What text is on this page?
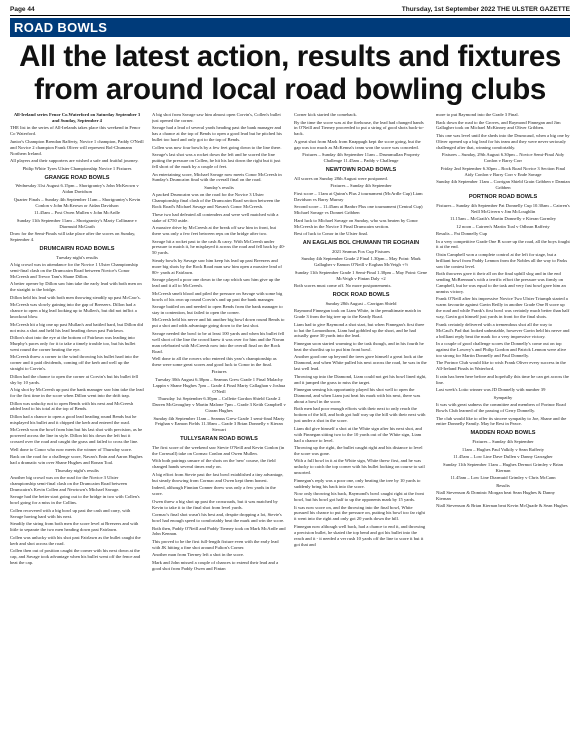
Page 44	Thursday, 1st September 2022 THE ULSTER GAZETTE
ROAD BOWLS
All the latest action, results and fixtures from around local road bowling clubs

All-Ireland series Fenor Co.Waterford on Saturday September 3 and Sunday, September 4

THE list in the series of All-Irelands takes place this weekend in Fenor Co Waterford.

Junior's Champion Brendan Rafferty, Novice 1 champion, Paddy O'Neill and Novice 2 champion Frank Oliver will represent Bol-Chumann Northern Ireland.

All players and their supporters are wished a safe and fruitful journey.

Philip White Tyres Ulster Championship Novice 1 Fixtures

GRANGE ROAD BOWLS

Wednesday 31st August 6.15pm – Shortgrantry's John McKeown v Aidan Davidson

Quarter Finals – Sunday 4th September 11am – Shortgrantry's Kevin Conlon v John McKeown or Aidan Davidson

11.45am – Post Owen Mullen v John McArdle

Sunday 11th September 11am – Shortgrantry's Marty Collinane v Diarmuid McGrath

Draw for the Semi-Finals will take place after the scores on Sunday, September 4.

DRUMCAIRN ROAD BOWLS

Tuesday night's results

A big crowd was in attendance for the Novice 1 Ulster Championship semi-final clash on the Drumcairn Road between Novice's Conor McCreesh and Trevor Tam's Shane Dillon.

A better opener by Dillon saw him take the early lead with both men on the straight to the bridge.

Dillon held his lead with both men throwing steadily up past McCaw's.

McCreesh was slowly gaining into the gap of Breezers. Dillon had a chance to open a big lead looking up to Mullen's, but did not inflict a knockout blow.

McCreesh hit a big one up past Mullan's and battled hard, but Dillon did not miss a shot and held his lead heading down past Fairlawn.

Dillon's shot into the eye at the bottom of Fairlawn was leading into Murphy's paces only for it to take a timely trouble too, but his bullet went round the corner beating the eye.

McCreesh threw a corner to the wind throwing his bullet hard into the corner and it paid dividends, coming off the kerb and well up the straight to Corvin's.

Dillon had the chance to open the corner at Corvin's but his bullet fell shy by 10 yards.

A big shot by McCreesh up past the bank manager saw him take the lead for the first time in the score when Dillon went into the drift trap.

Dillon was unlucky not to open Bends with his next and McCreesh added lead to his total at the top of Bends.

Dillon had a chance to open a good lead heading round Bends but he misplayed his bullet and it chipped the kerb and entered the road.

McCreesh won the bowl from him but his last shot with precision, as he powered across the line in style. Dillon hit his down the left but it crossed over the road and caught the grass and failed to cross the line.

Well done to Conor who now meets the winner of Thursday score.

Back on the road for a challenge score, Navan's Enin and Aaron Hughes had a dramatic win over Shane Hughes and Ronan Toal.

Thursday night's results

Another big crowd was on the road for the Novice 3 Ulster championship semi-final clash on the Drumcairn Road between Drumcairn's Kevin Collen and Newtown's Michael Savage.

Savage had the better start going out to the bridge in two with Collen's bowl going for a miss in the Collins.

Collen recovered with a big bowl up past the cash and carry, with Savage having hard with his next.

Steadily the string from both men the score level at Breezers and with little to separate the two men heading down past Fairlawn.

Collen was unlucky with his shot past Fairlawn as the bullet caught the kerb and shot across the road.

Collen then out of position caught the corner with his next down at the cap, and Savage took advantage when his bullet went off the fence and beat the cap.

A big shot from Savage saw him almost open Corvin's, Collen's bullet just opened the corner.

Savage had a lead of several yards heading past the bank manager and has a chance at the top of Bends to open a good lead but he pitched his bullet too hard and only got to the top of Bends.

Collen was now four bowls by a few feet going down to the line there.

Savage's last shot was a rocket down the left and he scored the line putting the pressure on Collen, he hit his last down the right but it just fell short of the mark by a couple of feet.

An entertaining score, Michael Savage now meets Conor McCreesh in Sunday's Drumcairn final with the overall final on the road.

Sunday's results

A packed Drumcairn was on the road for the Novice 3 Ulster Championship final clash of the Drumcairn Road section between the Rock Road's Michael Savage and Navan's Conor McCreesh.

These two had defeated all contenders and were well matched with a stake of £750 aside.

A massive drive by McCreesh at the break off saw him in front, but there was only a few feet between reps on the bridge after two.

Savage hit a rocket past to the cash & carry. With McCreesh under pressure to match it, he misplayed it across the road and fell back by 40-50 yards.

Steady bowls by Savage saw him keep his lead up past Breezers and more big shots by the Rock Road man saw him open a massive lead of 80+ yards at Fairlawn.

Savage played a poor one down to the cap which saw him give up the lead and it all to McCreesh.

McCreesh smelt blood and piled the pressure on Savage with some big bowls of his own up round Corvin's and up past the bank manager.

Savage battled on and needed to open Bends from the bank manager to stay in contention, but failed to open the corner.

McCreesh held his nerve and hit another big bowl down round Bends to put a shot and odds advantage going down to the last shot.

Savage needed the bowl to be at least 100 yards and when his bullet fell well short of the line the crowd knew it was over for him and the Navan man celebrated with McCreesh now into the overall final on the Rock Road.

Well done to all the rowers who entered this year's championship as these were some great scores and good luck to Conor in the final.

Fixtures

Tuesday 30th August 6.30pm – Seamus Grew Grade 1 Final Malachy Lappin v Shane Hughes 7pm – Grade 4 Final Marty Callaghan v Joshua O'Neill

Thursday 1st September 6.30pm – Collette Gordon Shield Grade 2 Darren McGeoughey v Martin Malone 7pm – Grade 3 Keith Campbell v Ciaran Hughes

Sunday 4th September 11am – Seamus Grew Grade 1 semi-final Marty Feighan v Eamon Fields 11.30am – Grade 3 Brian Donnelly v Kieran Stewart

TULLYSARAN ROAD BOWLS

The first score of the weekend saw Stevie O'Neill and Kevin Conlon (in the Cornwall) take on Cormac Conlon and Owen Mullen.

With both pairings unsure of the shots on the 'new' course, the field changed hands several times early on.

A big effort from Stevie past the fast bowl established a tiny advantage, but steady throwing from Cormac and Owen kept them honest.

Indeed, although Finnian Conner threw was only a few yards in the score.

Owen threw a big shot up past the crossroads, but it was matched by Kevin to take it to the final shot from level yards.

Cormac's final shot wasn't his best and, despite dropping a lot, Stevie's bowl had enough speed to comfortably beat the mark and win the score.

Both then, Paddy O'Neill and Paddy Tierney took on Mark McArdle and John Kennan.

This proved to be the first full-length fixture even with the early lead with JK hitting a fine shot around Fulton's Corner.

Another man from Tierney left a shot in the score.

Mark and John missed a couple of chances to extend their lead and a good shot from Paddy Owen and Fintan

Corner kick started the comeback.

By the time the score was at the firehouse, the lead had changed hands in O'Neill and Tierney proceeded to put a string of good shots back-to-back.

A great shot from Mark from Knappagh kept the score going, but the gap was too much as McKenna's team won the score was conceded.

Fixtures – Sunday 4th September 11am – Drummullan Property Challenge 11.45am – Paddy v Challenge

NEWTOWN ROAD BOWLS

All scores on Sunday 28th August were postponed.

Fixtures – Sunday 4th September

First score – 11am at Quinn's Plus 2 tournament (McArdle Cup) Liam Davidson vs Barry Murray

Second score – 11.45am at Banbrr Plus one tournament (Central Cup) Michael Savage vs Donnet Gribben

Hard luck to Michael Savage on Sunday, who was beaten by Conor McCreesh in the Novice 3 Final Drumcairn section.

Best of luck to Conor in the Ulster final.

AN EAGLAIS BOL CHUMANN TIR EOGHAIN

2021 Seamus Fox Cup Fixtures

Sunday 4th September Grade 2 Final 1.30pm – May Point: Mark Gallagher v Eamon O'Neill v Eoghan McVeigh +½

Sunday 11th September Grade 1 Semi-Final 1.30pm – May Point: Gene McVeigh v Fintan Daly +2

Both scores must come off. No more postponements.

ROCK ROAD BOWLS

Sunday 28th August – Carrigan Shield

Raymond Finnegan took on Liam White, in the penultimate match in Grade 3 from the big tree up to the Keady Road.

Liam had to give Raymond a shot start, but when Finnegan's first three to hat the Lomonthorn, Liam had gobbled up the short, and he had actually gone 30 yards into the lead.

Finnegan soon started warming to the task though, and in his fourth he beat the shortlist up to put him front bowl.

Another good one up beyond the trees gave himself a great look at the Diamond, and when White pulled his next across the road, he was in the last well lead.

Throwing up into the Diamond, Liam could not get his bowl lined right, and it jumped the grass to miss the target.

Finnegan sensing his opportunity played his shot well to open the Diamond, and when Liam just beat his mark with his next, there was about a bowl in the score.

Both men had poor enough efforts with their next to only reach the bottom of the hill, and both got half way up the hill with their next with just under a shot in the score.

Liam did give himself a shot at the White sign after his next shot, and with Finnegan sitting two to the 10 yards out of the White sign, Liam had a chance to level.

Throwing up the right, the bullet caught right and his distance to level the score was gone.

With a full bowl in it at the White sign, White threw first, and he was unlucky to catch the top corner with his bullet looking on course to sail unsorted.

Finnegan's reply was a poor one, only beating the tree by 10 yards to suddenly bring his back into the score.

Now only throwing his back, Raymond's bowl caught right at the front bowl, but his bowl got half to up the opponents mark by 15 yards.

It was now score on, and the throwing into the final bowl, White pursued his chance to put the pressure on, putting his bowl too far right it went into the right and only got 20 yards down the hill.

Finnegan now although well back, had a chance to end it, and throwing a precision bullet, he skated the top bend and got his bullet into the reach and it - it needed a ver rush 10 yards off the line to score it but it got that and

more to put Raymond into the Grade 3 Final.

Back down the road to the Groves, and Raymond Finnegan and Jim Gallagher took on Michael McKinney and Oliver Gribben.

This one was level until the sheds into the Drumcaud, when a big one by Oliver opened up a big lead for his team and they were never seriously challenged after that, winning comfortably.

Fixtures – Sunday, 29th August 6.30pm – Novice Semi-Final Aidy Conlon v Barry Corr

Friday 2nd September 6.30pm – Rock Road Novice 3 Section Final Aidy Conlon v Barry Corr v Ende Savage

Sunday 4th September 11am – Corrigan Shield Grain Gribben v Damian Gribben

PORTNOR ROAD BOWLS

Fixtures – Sunday 4th September Pat Donnelly Cup 10.30am – Cairren's Neill McGivern v Jim McLoughlin

11.15am – McGrath's Martin Donnelly v Kieran Gormley

12 noon – Cairren's Martin Toal v Odhran Rafferty

Results – Pat Donnelly Cup

In a very competitive Grade One B score up the road, all the boys fought it at the end.

Oisin Campbell won a complete control at the left for stage, but a brilliant bowl from Paddy Lennon from the Nobles all the way to Parks saw the contest level.

Both throwers gave it their all on the final uphill slog and in the end sending McBrennan's with a terrific effort the pressure was firmly on Campbell, but he was equal to the task and very fast bowl gave him an unmiss victory.

Frank O'Neill after his impressive Novice Two Ulster Triumph started a warm favourite against Gavin Reilly in another Grade One B score up the road and while Frank's first bowl was certainly much better than half way, Gavin got himself just yards in front for the final shots.

Frank certainly delivered with a tremendous shot all the way to McCaul's Pad that looked unbeatable, however Gavin held his nerve and a brilliant reply beat the mark for a very impressive victory.

In a couple of good challenge scores the Donnelly's come out on top against the Lowery's and Philip Gordon and Patrick Lennon were alive too strong for Martin Donnelly and Paul Donnelly.

The Portnor Club would like to wish Frank Oliver every success in the All-Ireland Finals in Waterford.

It rain has been here before and hopefully this time he can get across the line.

Last week's Lotto winner was JD Donnelly with number 39

Sympathy

It was with great sadness the committee and members of Portnor Road Bowls Club learned of the passing of Gerry Donnelly.

The club would like to offer its sincere sympathy to Joe, Shane and the entire Donnelly Family. May he Rest in Peace.

MADDEN ROAD BOWLS

Fixtures – Sunday 4th September

11am – Hughes Paul Valkily v Sean Rafferty

11.45am – Low Line Dave Dullen v Danny Garragher

Sunday 11th September 11am – Hughes Dermot Grimley v Brian Kiernan

11.45am – Low Line Diarmuid Grimley v Chris McCann

Results

Niall Stevenson & Dominic Morgan beat Sean Hughes & Danny Kiernan

Niall Stevenson & Brian Kiernan beat Kevin McQuade & Sean Hughes
